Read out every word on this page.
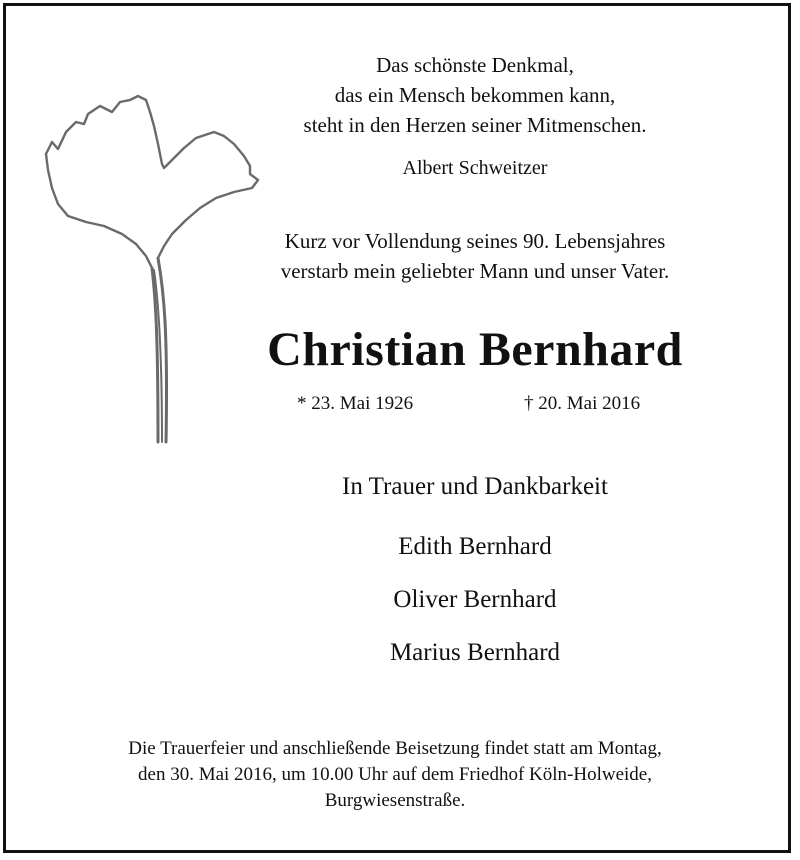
Das schönste Denkmal,
das ein Mensch bekommen kann,
steht in den Herzen seiner Mitmenschen.
Albert Schweitzer
Kurz vor Vollendung seines 90. Lebensjahres
verstarb mein geliebter Mann und unser Vater.
Christian Bernhard
* 23. Mai 1926	† 20. Mai 2016
In Trauer und Dankbarkeit
Edith Bernhard
Oliver Bernhard
Marius Bernhard
Die Trauerfeier und anschließende Beisetzung findet statt am Montag,
den 30. Mai 2016, um 10.00 Uhr auf dem Friedhof Köln-Holweide,
Burgwiesenstraße.
